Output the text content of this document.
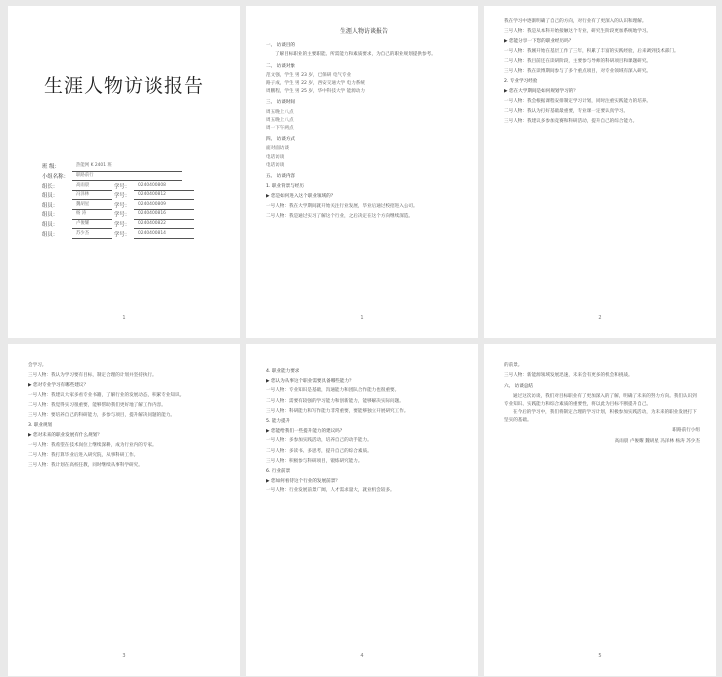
生涯人物访谈报告
班 级：	热能网 K 2401 班
小组名称：	职路前行
组长：	高雨晨	学号：	0240400808
组员：	冯泽林	学号：	0240400812
组员：	魏胡星	学号：	0240400809
组员：	杨 涛	学号：	0240400816
组员：	卢俊耀	学号：	0240400822
组员：	苏少杰	学号：	0240400814
1
生涯人物访谈报告
一、 访谈目的
了解目标职业的主要职能、所需能力和素质要求，为自己的职业规划提供参考。
二、 访谈对象
范文强，学生 男 23 岁，已保研 电气专业
路子成，学生 男 22 岁，西安交通大学 电力系统
周鹏程，学生 男 25 岁，华中科技大学 能源动力
三、 访谈时间
周五晚上八点
周五晚上八点
周一下午两点
四、 访谈方式
面对面访谈
电话访谈
电话访谈
五、 访谈内容
1. 职业背景与经历
▶ 您是如何进入这个职业领域的？
一号人物：我在大学期间就开始关注行业发展，毕业后通过校招进入公司。
二号人物：我是通过实习了解这个行业，之后决定在这个方向继续深造。
1
我在学习中逐渐明确了自己的方向，对行业有了更深入的认识和理解。
三号人物：我是从本科开始接触这个专业，研究生阶段更加系统地学习。
▶ 您能分享一下您的职业经历吗？
一号人物：我刚开始在基层工作了三年，积累了丰富的实践经验，后来调到技术部门。
二号人物：我目前还在读研阶段，主要参与导师的科研项目和课题研究。
三号人物：我在读博期间参与了多个重点项目，对专业领域有深入研究。
2. 专业学习经验
▶ 您在大学期间是如何规划学习的？
一号人物：我会根据课程安排制定学习计划，同时注重实践能力的培养。
二号人物：我认为打好基础最重要，专业课一定要认真学习。
三号人物：我建议多参加竞赛和科研活动，提升自己的综合能力。
2
会学习。
三号人物：我认为学习要有目标，制定合理的计划并坚持执行。
▶ 您对专业学习有哪些建议？
一号人物：我建议大家多看专业书籍，了解行业的发展动态，积累专业知识。
二号人物：我觉得实习很重要，能够帮助我们更好地了解工作内容。
三号人物：要培养自己的科研能力，多参与项目，提升解决问题的能力。
3. 职业规划
▶ 您对未来的职业发展有什么规划？
一号人物：我希望在技术岗位上继续深耕，成为行业内的专家。
二号人物：我打算毕业后进入研究院，从事科研工作。
三号人物：我计划在高校任教，同时继续从事科学研究。
3
4. 职业能力要求
▶ 您认为从事这个职业需要具备哪些能力？
一号人物：专业知识是基础，沟通能力和团队合作能力也很重要。
二号人物：需要有较强的学习能力和创新能力，能够解决实际问题。
三号人物：科研能力和写作能力非常重要，要能够独立开展研究工作。
5. 能力提升
▶ 您能给我们一些提升能力的建议吗？
一号人物：多参加实践活动，培养自己的动手能力。
二号人物：多读书、多思考，提升自己的综合素质。
三号人物：积极参与科研项目，锻炼研究能力。
6. 行业前景
▶ 您如何看待这个行业的发展前景？
一号人物：行业发展前景广阔，人才需求量大，就业机会较多。
4
的前景。
三号人物：新能源领域发展迅速，未来会有更多的机会和挑战。
六、 访谈总结
通过这次访谈，我们对目标职业有了更加深入的了解，明确了未来的努力方向。我们认识到专业知识、实践能力和综合素质的重要性，将以此为目标不断提升自己。
在今后的学习中，我们将制定合理的学习计划，积极参加实践活动，为未来的职业发展打下坚实的基础。
职路前行小组
高雨晨 卢俊耀 魏胡星 冯泽林 杨涛 苏少杰
5
